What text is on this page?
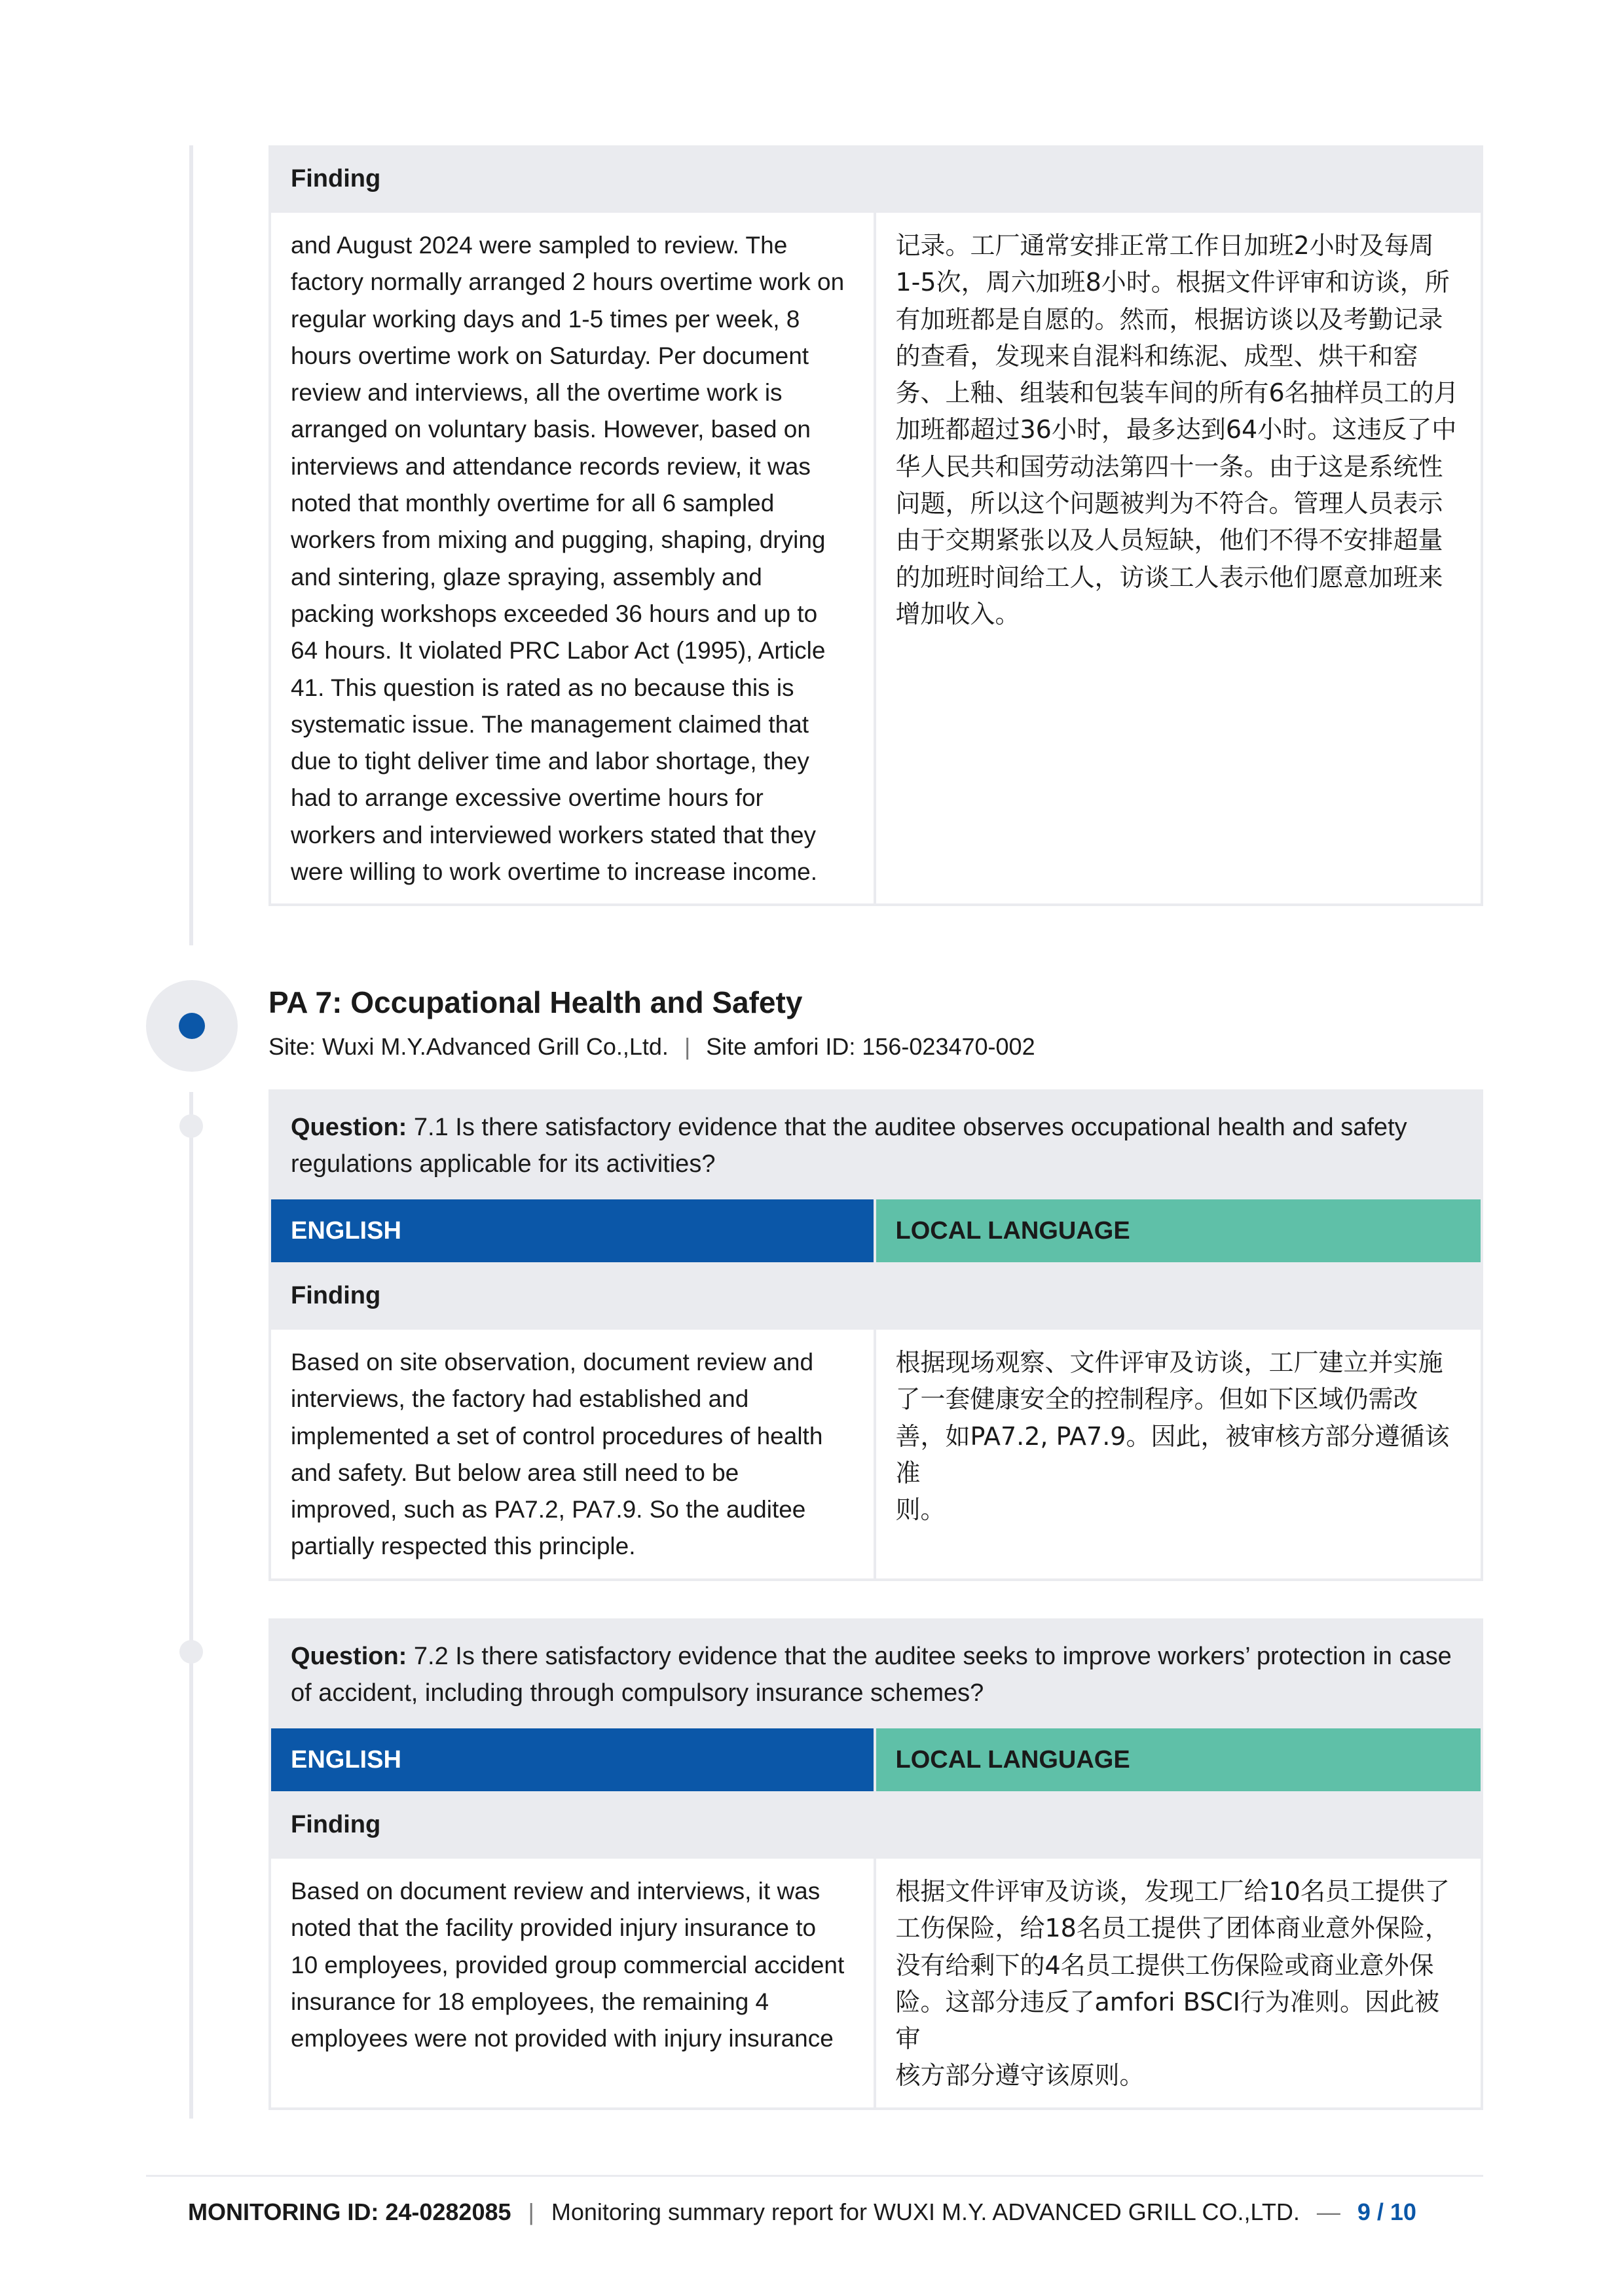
Finding
and August 2024 were sampled to review. The
factory normally arranged 2 hours overtime work on
regular working days and 1-5 times per week, 8
hours overtime work on Saturday. Per document
review and interviews, all the overtime work is
arranged on voluntary basis. However, based on
interviews and attendance records review, it was
noted that monthly overtime for all 6 sampled
workers from mixing and pugging, shaping, drying
and sintering, glaze spraying, assembly and
packing workshops exceeded 36 hours and up to
64 hours. It violated PRC Labor Act (1995), Article
41. This question is rated as no because this is
systematic issue. The management claimed that
due to tight deliver time and labor shortage, they
had to arrange excessive overtime hours for
workers and interviewed workers stated that they
were willing to work overtime to increase income.
记录。工厂通常安排正常工作日加班2小时及每周
1-5次，周六加班8小时。根据文件评审和访谈，所
有加班都是自愿的。然而，根据访谈以及考勤记录
的查看，发现来自混料和练泥、成型、烘干和窑
务、上釉、组装和包装车间的所有6名抽样员工的月
加班都超过36小时，最多达到64小时。这违反了中
华人民共和国劳动法第四十一条。由于这是系统性
问题，所以这个问题被判为不符合。管理人员表示
由于交期紧张以及人员短缺，他们不得不安排超量
的加班时间给工人，访谈工人表示他们愿意加班来
增加收入。
PA 7: Occupational Health and Safety
Site: Wuxi M.Y.Advanced Grill Co.,Ltd. | Site amfori ID: 156-023470-002
Question: 7.1 Is there satisfactory evidence that the auditee observes occupational health and safety regulations applicable for its activities?
ENGLISH	LOCAL LANGUAGE
Finding
Based on site observation, document review and
interviews, the factory had established and
implemented a set of control procedures of health
and safety. But below area still need to be
improved, such as PA7.2, PA7.9. So the auditee
partially respected this principle.
根据现场观察、文件评审及访谈，工厂建立并实施
了一套健康安全的控制程序。但如下区域仍需改
善，如PA7.2, PA7.9。因此，被审核方部分遵循该准
则。
Question: 7.2 Is there satisfactory evidence that the auditee seeks to improve workers’ protection in case of accident, including through compulsory insurance schemes?
ENGLISH	LOCAL LANGUAGE
Finding
Based on document review and interviews, it was
noted that the facility provided injury insurance to
10 employees, provided group commercial accident
insurance for 18 employees, the remaining 4
employees were not provided with injury insurance
根据文件评审及访谈，发现工厂给10名员工提供了
工伤保险，给18名员工提供了团体商业意外保险，
没有给剩下的4名员工提供工伤保险或商业意外保
险。这部分违反了amfori BSCI行为准则。因此被审
核方部分遵守该原则。
MONITORING ID: 24-0282085 | Monitoring summary report for WUXI M.Y. ADVANCED GRILL CO.,LTD. — 9 / 10
